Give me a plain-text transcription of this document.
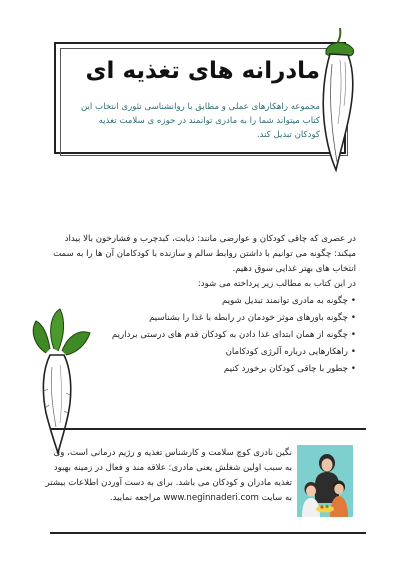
مادرانه های تغذیه ای
مجموعه راهکارهای عملی و مطابق با روانشناسی تئوری انتخاب این کتاب میتواند شما را به مادری توانمند در حوزه ی سلامت تغذیه کودکان تبدیل کند.

در عصری که چاقی کودکان و عوارضی مانند: دیابت، کبدچرب و فشارخون بالا بیداد میکند: چگونه می توانیم با داشتن روابط سالم و سازنده با کودکامان آن ها را به سمت انتخاب های بهتر غذایی سوق دهیم.

در این کتاب به مطالب زیر پرداخته می شود:

• چگونه به مادری توانمند تبدیل شویم
• چگونه باورهای موثر خودمان در رابطه با غذا را بشناسیم
• چگونه از همان ابتدای غذا دادن به کودکان قدم های درستی برداریم
• راهکارهایی درباره آلرژی کودکامان
• چطور با چاقی کودکان برخورد کنیم
نگین نادری کوچ سلامت و کارشناس تغذیه و رژیم درمانی است، وی به سبب اولین شغلش یعنی مادری: علاقه مند و فعال در زمینه بهبود تغذیه مادران و کودکان می باشد. برای به دست آوردن اطلاعات بیشتر به سایت www.neginnaderi.com مراجعه نمایید.
